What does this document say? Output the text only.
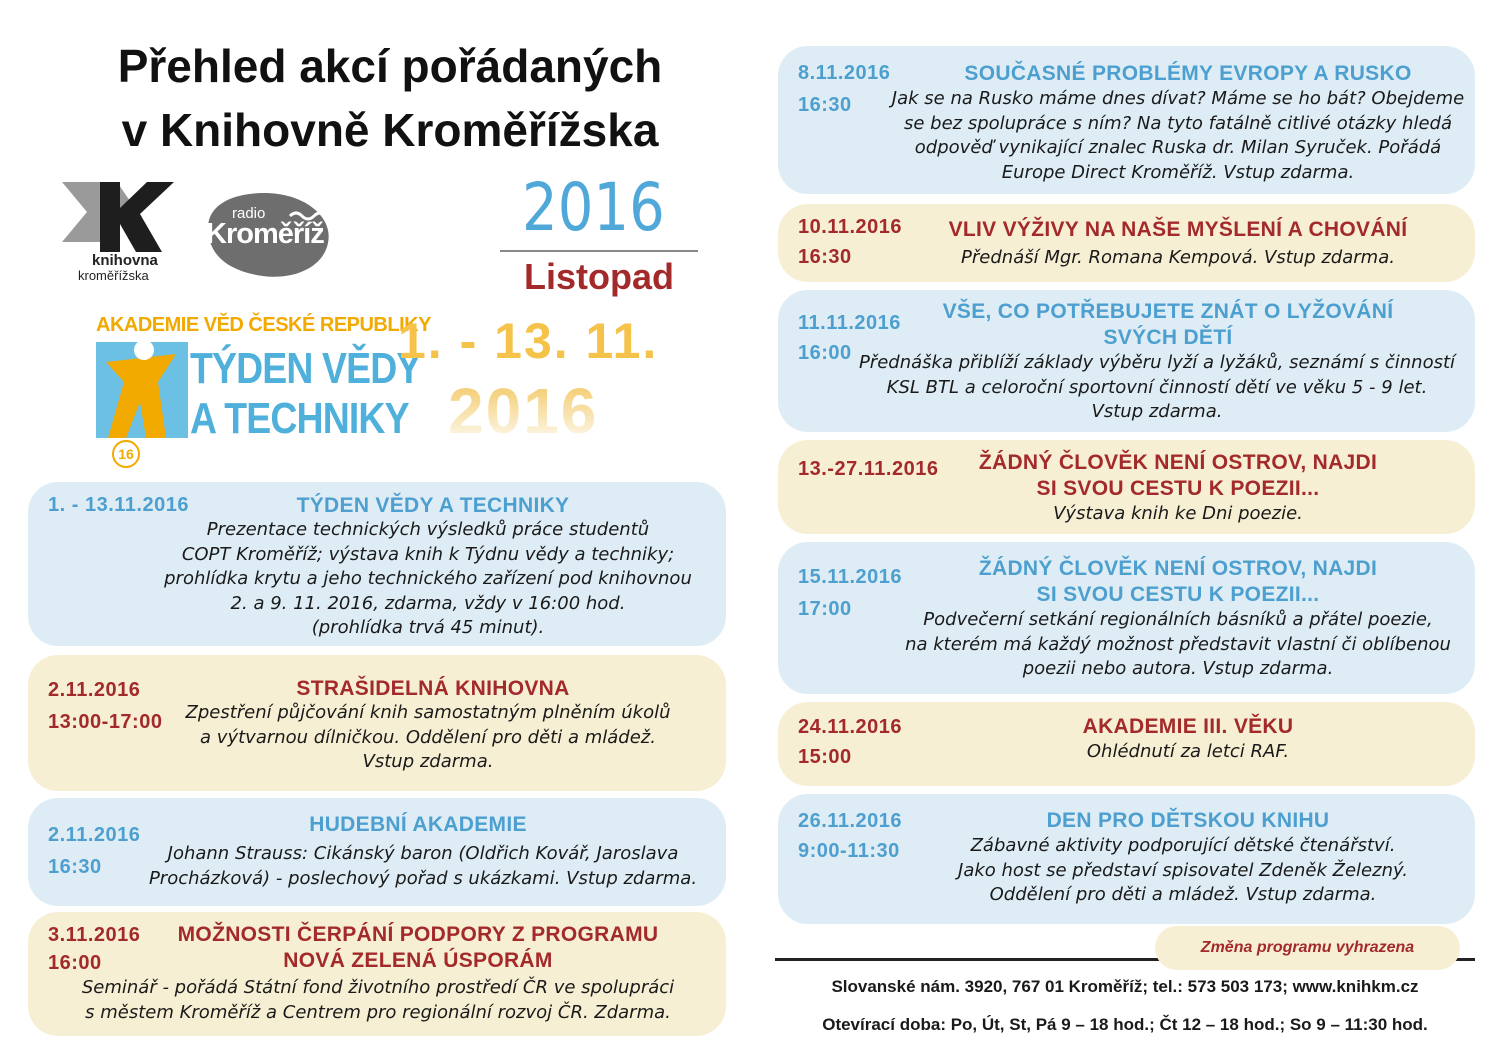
Přehled akcí pořádaných
v Knihovně Kroměřížska
knihovna
kroměřížska
radio
Kroměříž	2016
Listopad
AKADEMIE VĚD ČESKÉ REPUBLIKY
TÝDEN VĚDY
A TECHNIKY
16
1. - 13. 11.
2016
1. - 13.11.2016	TÝDEN VĚDY A TECHNIKY
Prezentace technických výsledků práce studentů
COPT Kroměříž; výstava knih k Týdnu vědy a techniky;
prohlídka krytu a jeho technického zařízení pod knihovnou
2. a 9. 11. 2016, zdarma, vždy v 16:00 hod.
(prohlídka trvá 45 minut).
2.11.2016
13:00-17:00
STRAŠIDELNÁ KNIHOVNA
Zpestření půjčování knih samostatným plněním úkolů
a výtvarnou dílničkou. Oddělení pro děti a mládež.
Vstup zdarma.
2.11.2016
16:30
HUDEBNÍ AKADEMIE
Johann Strauss: Cikánský baron (Oldřich Kovář, Jaroslava
Procházková) - poslechový pořad s ukázkami. Vstup zdarma.
3.11.2016
16:00
MOŽNOSTI ČERPÁNÍ PODPORY Z PROGRAMU
NOVÁ ZELENÁ ÚSPORÁM
Seminář - pořádá Státní fond životního prostředí ČR ve spolupráci
s městem Kroměříž a Centrem pro regionální rozvoj ČR. Zdarma.
8.11.2016
16:30
SOUČASNÉ PROBLÉMY EVROPY A RUSKO
Jak se na Rusko máme dnes dívat? Máme se ho bát? Obejdeme
se bez spolupráce s ním? Na tyto fatálně citlivé otázky hledá
odpověď vynikající znalec Ruska dr. Milan Syruček. Pořádá
Europe Direct Kroměříž. Vstup zdarma.
10.11.2016
16:30
VLIV VÝŽIVY NA NAŠE MYŠLENÍ A CHOVÁNÍ
Přednáší Mgr. Romana Kempová. Vstup zdarma.
11.11.2016
16:00
VŠE, CO POTŘEBUJETE ZNÁT O LYŽOVÁNÍ
SVÝCH DĚTÍ
Přednáška přiblíží základy výběru lyží a lyžáků, seznámí s činností
KSL BTL a celoroční sportovní činností dětí ve věku 5 - 9 let.
Vstup zdarma.
13.-27.11.2016	ŽÁDNÝ ČLOVĚK NENÍ OSTROV, NAJDI
SI SVOU CESTU K POEZII...
Výstava knih ke Dni poezie.
15.11.2016
17:00
ŽÁDNÝ ČLOVĚK NENÍ OSTROV, NAJDI
SI SVOU CESTU K POEZII...
Podvečerní setkání regionálních básníků a přátel poezie,
na kterém má každý možnost představit vlastní či oblíbenou
poezii nebo autora. Vstup zdarma.
24.11.2016
15:00
AKADEMIE III. VĚKU
Ohlédnutí za letci RAF.
26.11.2016
9:00-11:30
DEN PRO DĚTSKOU KNIHU
Zábavné aktivity podporující dětské čtenářství.
Jako host se představí spisovatel Zdeněk Železný.
Oddělení pro děti a mládež. Vstup zdarma.
Změna programu vyhrazena
Slovanské nám. 3920, 767 01 Kroměříž; tel.: 573 503 173; www.knihkm.cz
Otevírací doba: Po, Út, St, Pá 9 – 18 hod.; Čt 12 – 18 hod.; So 9 – 11:30 hod.
